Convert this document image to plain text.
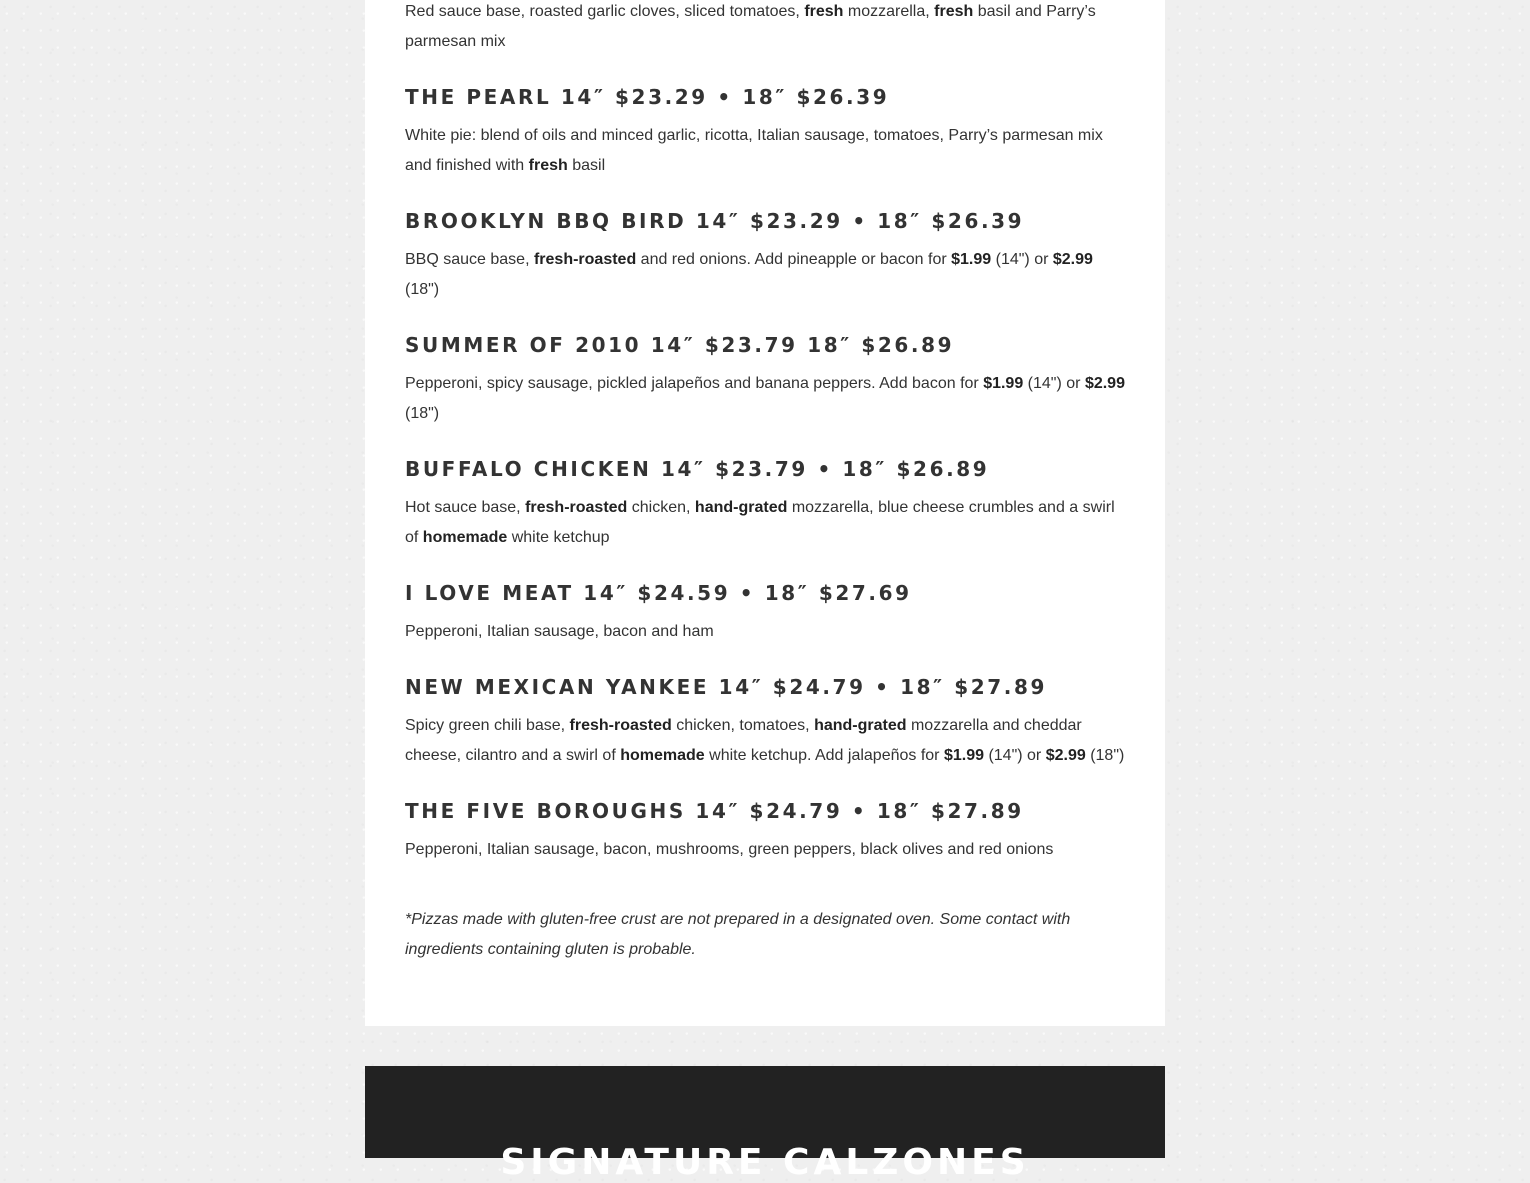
Red sauce base, roasted garlic cloves, sliced tomatoes, fresh mozzarella, fresh basil and Parry’s parmesan mix

THE PEARL 14″ $23.29 • 18″ $26.39

White pie: blend of oils and minced garlic, ricotta, Italian sausage, tomatoes, Parry’s parmesan mix and finished with fresh basil

BROOKLYN BBQ BIRD 14″ $23.29 • 18″ $26.39

BBQ sauce base, fresh-roasted and red onions. Add pineapple or bacon for $1.99 (14") or $2.99 (18")

SUMMER OF 2010 14″ $23.79 18″ $26.89

Pepperoni, spicy sausage, pickled jalapeños and banana peppers. Add bacon for $1.99 (14") or $2.99 (18")

BUFFALO CHICKEN 14″ $23.79 • 18″ $26.89

Hot sauce base, fresh-roasted chicken, hand-grated mozzarella, blue cheese crumbles and a swirl of homemade white ketchup

I LOVE MEAT 14″ $24.59 • 18″ $27.69

Pepperoni, Italian sausage, bacon and ham

NEW MEXICAN YANKEE 14″ $24.79 • 18″ $27.89

Spicy green chili base, fresh-roasted chicken, tomatoes, hand-grated mozzarella and cheddar cheese, cilantro and a swirl of homemade white ketchup. Add jalapeños for $1.99 (14") or $2.99 (18")

THE FIVE BOROUGHS 14″ $24.79 • 18″ $27.89

Pepperoni, Italian sausage, bacon, mushrooms, green peppers, black olives and red onions

*Pizzas made with gluten-free crust are not prepared in a designated oven. Some contact with ingredients containing gluten is probable.

SIGNATURE CALZONES
